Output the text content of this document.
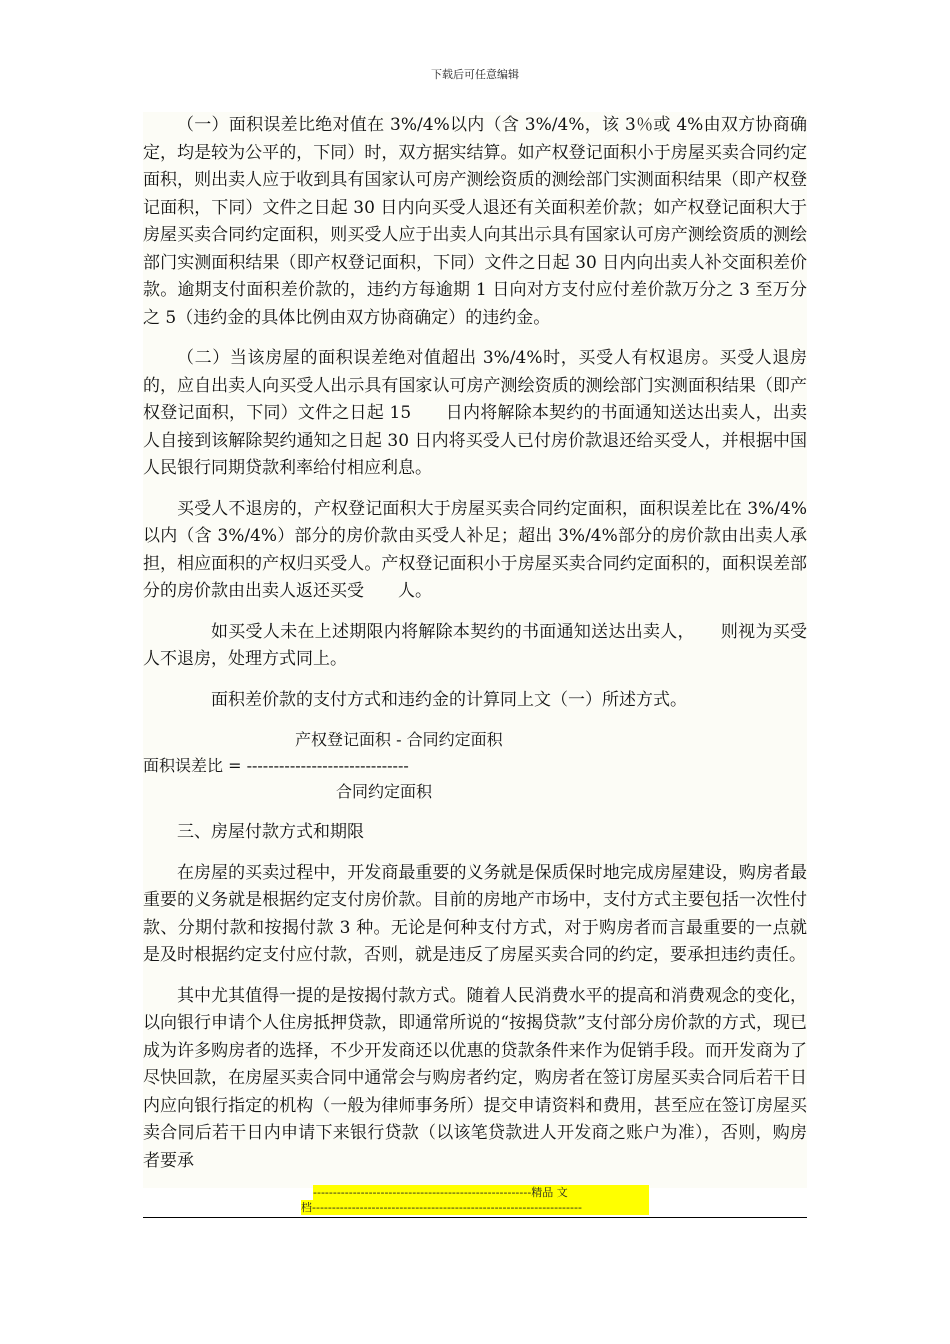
下载后可任意编辑

（一）面积误差比绝对值在 3%/4%以内（含 3%/4%，该 3％或 4%由双方协商确定，均是较为公平的，下同）时，双方据实结算。如产权登记面积小于房屋买卖合同约定面积，则出卖人应于收到具有国家认可房产测绘资质的测绘部门实测面积结果（即产权登记面积，下同）文件之日起 30 日内向买受人退还有关面积差价款；如产权登记面积大于房屋买卖合同约定面积，则买受人应于出卖人向其出示具有国家认可房产测绘资质的测绘部门实测面积结果（即产权登记面积，下同）文件之日起 30 日内向出卖人补交面积差价款。逾期支付面积差价款的，违约方每逾期 1 日向对方支付应付差价款万分之 3 至万分之 5（违约金的具体比例由双方协商确定）的违约金。

（二）当该房屋的面积误差绝对值超出 3%/4%时，买受人有权退房。买受人退房的，应自出卖人向买受人出示具有国家认可房产测绘资质的测绘部门实测面积结果（即产权登记面积，下同）文件之日起 15　　日内将解除本契约的书面通知送达出卖人，出卖人自接到该解除契约通知之日起 30 日内将买受人已付房价款退还给买受人，并根据中国人民银行同期贷款利率给付相应利息。

买受人不退房的，产权登记面积大于房屋买卖合同约定面积，面积误差比在 3%/4%以内（含 3%/4%）部分的房价款由买受人补足；超出 3%/4%部分的房价款由出卖人承担，相应面积的产权归买受人。产权登记面积小于房屋买卖合同约定面积的，面积误差部分的房价款由出卖人返还买受　　人。

如买受人未在上述期限内将解除本契约的书面通知送达出卖人，　　则视为买受人不退房，处理方式同上。

面积差价款的支付方式和违约金的计算同上文（一）所述方式。

产权登记面积 - 合同约定面积
面积误差比 = ------------------------------
合同约定面积

三、房屋付款方式和期限

在房屋的买卖过程中，开发商最重要的义务就是保质保时地完成房屋建设，购房者最重要的义务就是根据约定支付房价款。目前的房地产市场中，支付方式主要包括一次性付款、分期付款和按揭付款 3 种。无论是何种支付方式，对于购房者而言最重要的一点就是及时根据约定支付应付款，否则，就是违反了房屋买卖合同的约定，要承担违约责任。

其中尤其值得一提的是按揭付款方式。随着人民消费水平的提高和消费观念的变化，以向银行申请个人住房抵押贷款，即通常所说的“按揭贷款”支付部分房价款的方式，现已成为许多购房者的选择，不少开发商还以优惠的贷款条件来作为促销手段。而开发商为了尽快回款，在房屋买卖合同中通常会与购房者约定，购房者在签订房屋买卖合同后若干日内应向银行指定的机构（一般为律师事务所）提交申请资料和费用，甚至应在签订房屋买卖合同后若干日内申请下来银行贷款（以该笔贷款进人开发商之账户为准），否则，购房者要承

-------------------------------------------------------精品 文
档--------------------------------------------------------------------
